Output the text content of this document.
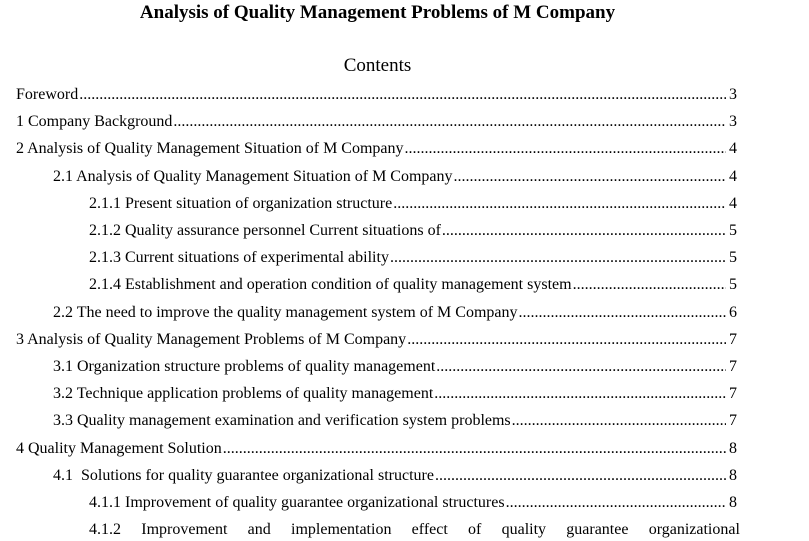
Analysis of Quality Management Problems of M Company
Contents
Foreword .....	3
1 Company Background .....	3
2 Analysis of Quality Management Situation of M Company .....	4
2.1 Analysis of Quality Management Situation of M Company .....	4
2.1.1 Present situation of organization structure .....	4
2.1.2 Quality assurance personnel Current situations of .....	5
2.1.3 Current situations of experimental ability .....	5
2.1.4 Establishment and operation condition of quality management system .....	5
2.2 The need to improve the quality management system of M Company .....	6
3 Analysis of Quality Management Problems of M Company .....	7
3.1 Organization structure problems of quality management .....	7
3.2 Technique application problems of quality management .....	7
3.3 Quality management examination and verification system problems .....	7
4 Quality Management Solution .....	8
4.1  Solutions for quality guarantee organizational structure .....	8
4.1.1 Improvement of quality guarantee organizational structures .....	8
4.1.2 Improvement and implementation effect of quality guarantee organizational
